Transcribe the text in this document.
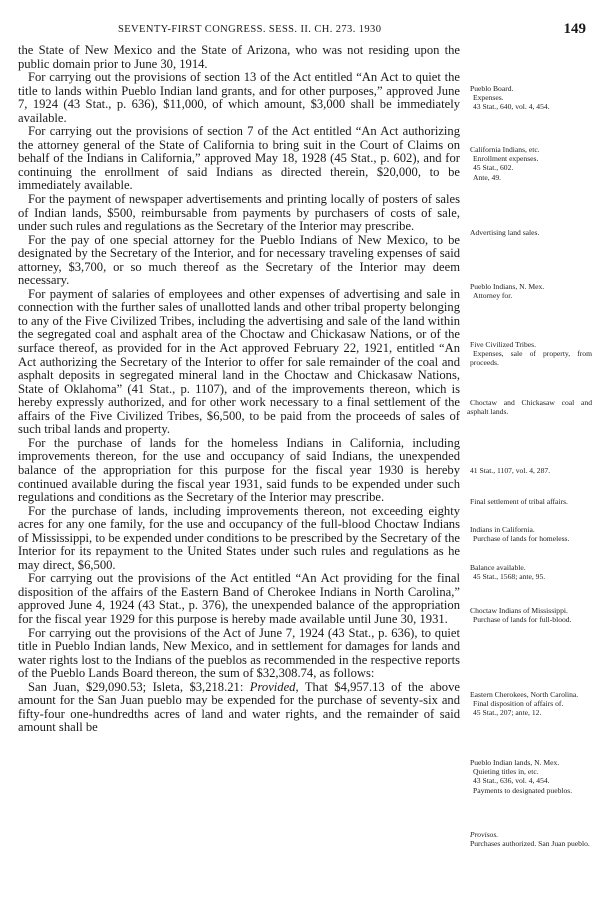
SEVENTY-FIRST CONGRESS. SESS. II. CH. 273. 1930	149

the State of New Mexico and the State of Arizona, who was not residing upon the public domain prior to June 30, 1914.

For carrying out the provisions of section 13 of the Act entitled “An Act to quiet the title to lands within Pueblo Indian land grants, and for other purposes,” approved June 7, 1924 (43 Stat., p. 636), $11,000, of which amount, $3,000 shall be immediately available.

For carrying out the provisions of section 7 of the Act entitled “An Act authorizing the attorney general of the State of California to bring suit in the Court of Claims on behalf of the Indians in California,” approved May 18, 1928 (45 Stat., p. 602), and for continuing the enrollment of said Indians as directed therein, $20,000, to be immediately available.

For the payment of newspaper advertisements and printing locally of posters of sales of Indian lands, $500, reimbursable from payments by purchasers of costs of sale, under such rules and regulations as the Secretary of the Interior may prescribe.

For the pay of one special attorney for the Pueblo Indians of New Mexico, to be designated by the Secretary of the Interior, and for necessary traveling expenses of said attorney, $3,700, or so much thereof as the Secretary of the Interior may deem necessary.

For payment of salaries of employees and other expenses of advertising and sale in connection with the further sales of unallotted lands and other tribal property belonging to any of the Five Civilized Tribes, including the advertising and sale of the land within the segregated coal and asphalt area of the Choctaw and Chickasaw Nations, or of the surface thereof, as provided for in the Act approved February 22, 1921, entitled “An Act authorizing the Secretary of the Interior to offer for sale remainder of the coal and asphalt deposits in segregated mineral land in the Choctaw and Chickasaw Nations, State of Oklahoma” (41 Stat., p. 1107), and of the improvements thereon, which is hereby expressly authorized, and for other work necessary to a final settlement of the affairs of the Five Civilized Tribes, $6,500, to be paid from the proceeds of sales of such tribal lands and property.

For the purchase of lands for the homeless Indians in California, including improvements thereon, for the use and occupancy of said Indians, the unexpended balance of the appropriation for this purpose for the fiscal year 1930 is hereby continued available during the fiscal year 1931, said funds to be expended under such regulations and conditions as the Secretary of the Interior may prescribe.

For the purchase of lands, including improvements thereon, not exceeding eighty acres for any one family, for the use and occupancy of the full-blood Choctaw Indians of Mississippi, to be expended under conditions to be prescribed by the Secretary of the Interior for its repayment to the United States under such rules and regulations as he may direct, $6,500.

For carrying out the provisions of the Act entitled “An Act providing for the final disposition of the affairs of the Eastern Band of Cherokee Indians in North Carolina,” approved June 4, 1924 (43 Stat., p. 376), the unexpended balance of the appropriation for the fiscal year 1929 for this purpose is hereby made available until June 30, 1931.

For carrying out the provisions of the Act of June 7, 1924 (43 Stat., p. 636), to quiet title in Pueblo Indian lands, New Mexico, and in settlement for damages for lands and water rights lost to the Indians of the pueblos as recommended in the respective reports of the Pueblo Lands Board thereon, the sum of $32,308.74, as follows:

San Juan, $29,090.53; Isleta, $3,218.21: Provided, That $4,957.13 of the above amount for the San Juan pueblo may be expended for the purchase of seventy-six and fifty-four one-hundredths acres of land and water rights, and the remainder of said amount shall be

Pueblo Board.
Expenses.
43 Stat., 640, vol. 4, 454.
California Indians, etc.
Enrollment expenses.
45 Stat., 602.
Ante, 49.
Advertising land sales.
Pueblo Indians, N. Mex.
Attorney for.
Five Civilized Tribes.
Expenses, sale of property, from proceeds.
Choctaw and Chickasaw coal and asphalt lands.
41 Stat., 1107, vol. 4, 287.
Final settlement of tribal affairs.
Indians in California.
Purchase of lands for homeless.
Balance available.
45 Stat., 1568; ante, 95.
Choctaw Indians of Mississippi.
Purchase of lands for full-blood.
Eastern Cherokees, North Carolina.
Final disposition of affairs of.
45 Stat., 207; ante, 12.
Pueblo Indian lands, N. Mex.
Quieting titles in, etc.
43 Stat., 636, vol. 4, 454.
Payments to designated pueblos.
Provisos.
Purchases authorized. San Juan pueblo.
